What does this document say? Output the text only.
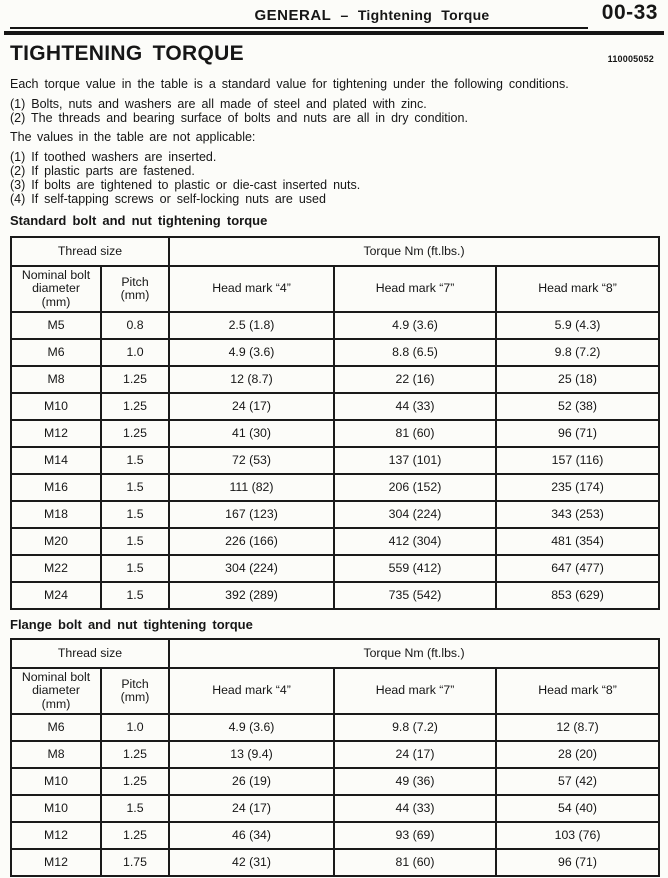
GENERAL – Tightening Torque	00-33
TIGHTENING TORQUE	110005052

Each torque value in the table is a standard value for tightening under the following conditions.

(1) Bolts, nuts and washers are all made of steel and plated with zinc.
(2) The threads and bearing surface of bolts and nuts are all in dry condition.

The values in the table are not applicable:

(1) If toothed washers are inserted.
(2) If plastic parts are fastened.
(3) If bolts are tightened to plastic or die-cast inserted nuts.
(4) If self-tapping screws or self-locking nuts are used
Standard bolt and nut tightening torque
Thread size		Torque Nm (ft.lbs.)		
Nominal bolt diameter (mm)	Pitch (mm)	Head mark “4”	Head mark “7”	Head mark “8”
M5	0.8	2.5 (1.8)	4.9 (3.6)	5.9 (4.3)
M6	1.0	4.9 (3.6)	8.8 (6.5)	9.8 (7.2)
M8	1.25	12 (8.7)	22 (16)	25 (18)
M10	1.25	24 (17)	44 (33)	52 (38)
M12	1.25	41 (30)	81 (60)	96 (71)
M14	1.5	72 (53)	137 (101)	157 (116)
M16	1.5	111 (82)	206 (152)	235 (174)
M18	1.5	167 (123)	304 (224)	343 (253)
M20	1.5	226 (166)	412 (304)	481 (354)
M22	1.5	304 (224)	559 (412)	647 (477)
M24	1.5	392 (289)	735 (542)	853 (629)
Flange bolt and nut tightening torque
Thread size		Torque Nm (ft.lbs.)		
Nominal bolt diameter (mm)	Pitch (mm)	Head mark “4”	Head mark “7”	Head mark “8”
M6	1.0	4.9 (3.6)	9.8 (7.2)	12 (8.7)
M8	1.25	13 (9.4)	24 (17)	28 (20)
M10	1.25	26 (19)	49 (36)	57 (42)
M10	1.5	24 (17)	44 (33)	54 (40)
M12	1.25	46 (34)	93 (69)	103 (76)
M12	1.75	42 (31)	81 (60)	96 (71)
